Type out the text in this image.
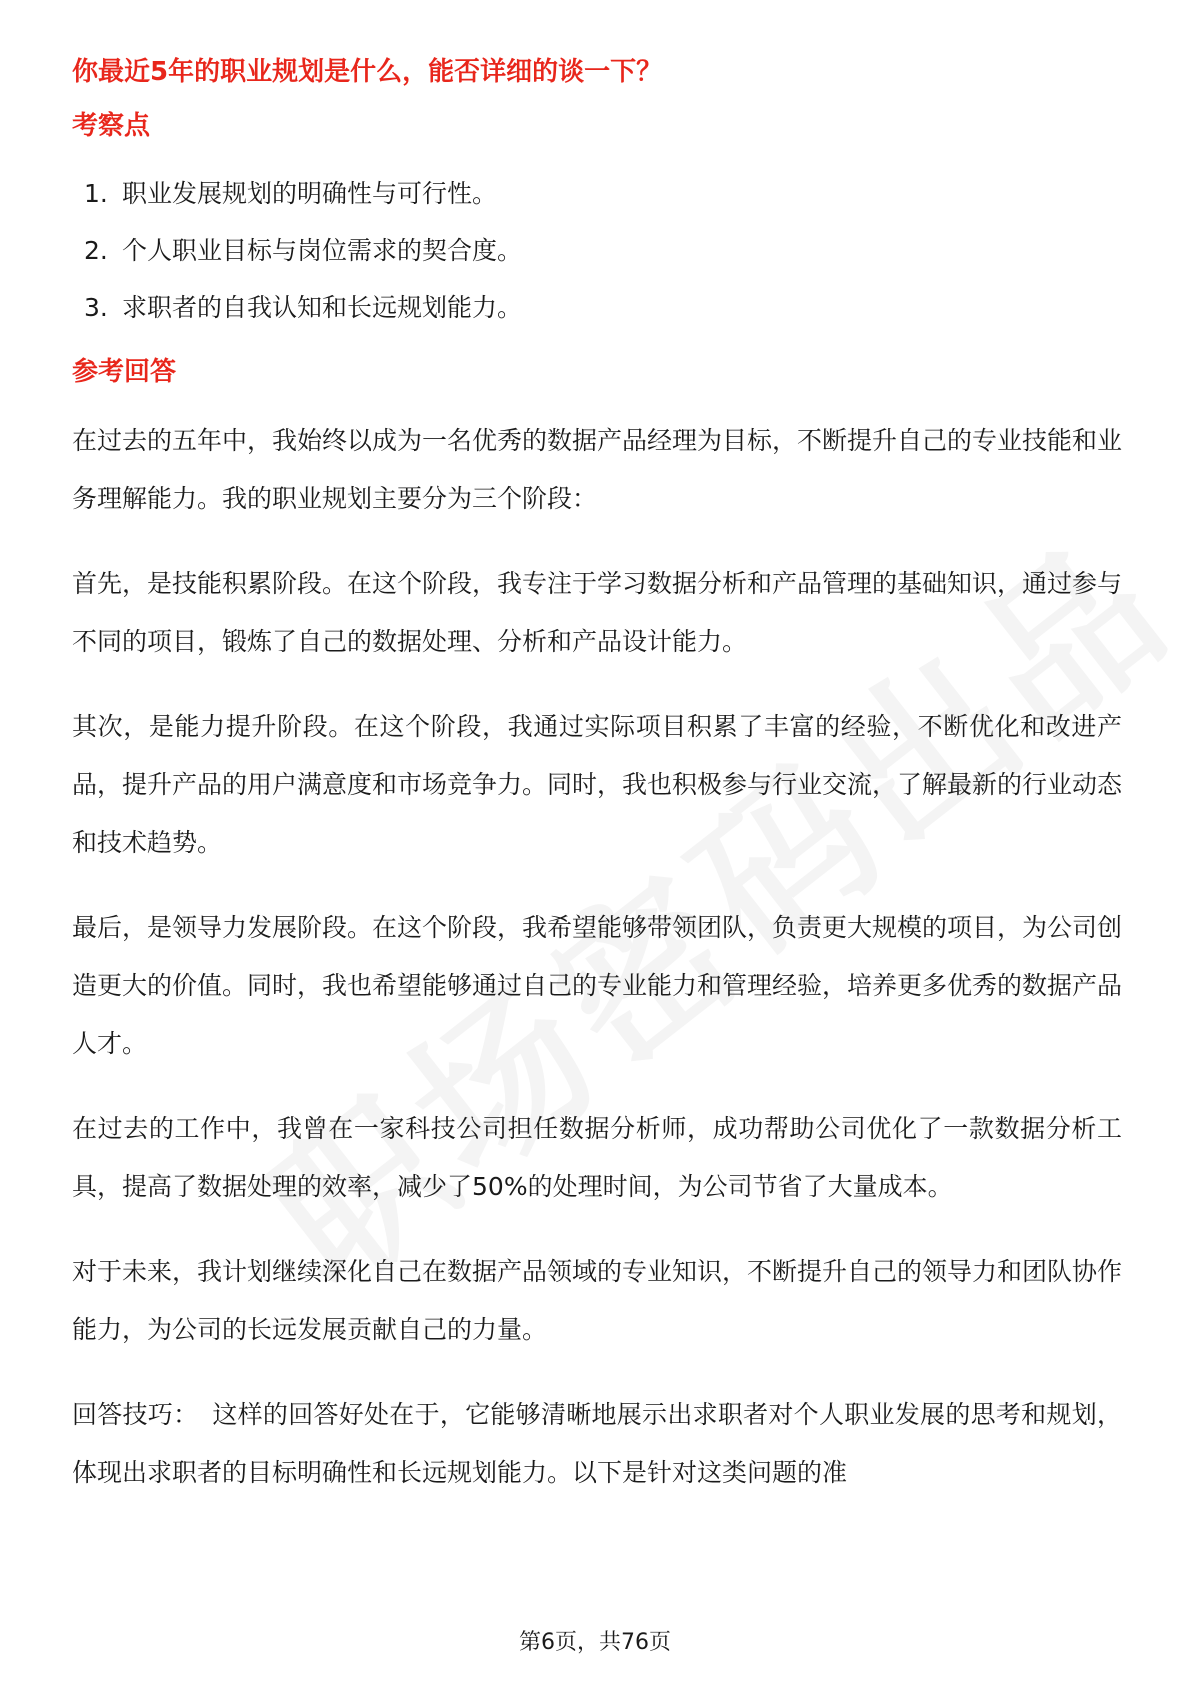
你最近5年的职业规划是什么，能否详细的谈一下？
考察点
1. 职业发展规划的明确性与可行性。
2. 个人职业目标与岗位需求的契合度。
3. 求职者的自我认知和长远规划能力。
参考回答

在过去的五年中，我始终以成为一名优秀的数据产品经理为目标，不断提升自己的专业技能和业务理解能力。我的职业规划主要分为三个阶段：

首先，是技能积累阶段。在这个阶段，我专注于学习数据分析和产品管理的基础知识，通过参与不同的项目，锻炼了自己的数据处理、分析和产品设计能力。

其次，是能力提升阶段。在这个阶段，我通过实际项目积累了丰富的经验，不断优化和改进产品，提升产品的用户满意度和市场竞争力。同时，我也积极参与行业交流，了解最新的行业动态和技术趋势。

最后，是领导力发展阶段。在这个阶段，我希望能够带领团队，负责更大规模的项目，为公司创造更大的价值。同时，我也希望能够通过自己的专业能力和管理经验，培养更多优秀的数据产品人才。

在过去的工作中，我曾在一家科技公司担任数据分析师，成功帮助公司优化了一款数据分析工具，提高了数据处理的效率，减少了50%的处理时间，为公司节省了大量成本。

对于未来，我计划继续深化自己在数据产品领域的专业知识，不断提升自己的领导力和团队协作能力，为公司的长远发展贡献自己的力量。

回答技巧： 这样的回答好处在于，它能够清晰地展示出求职者对个人职业发展的思考和规划，体现出求职者的目标明确性和长远规划能力。以下是针对这类问题的准

第6页，共76页
